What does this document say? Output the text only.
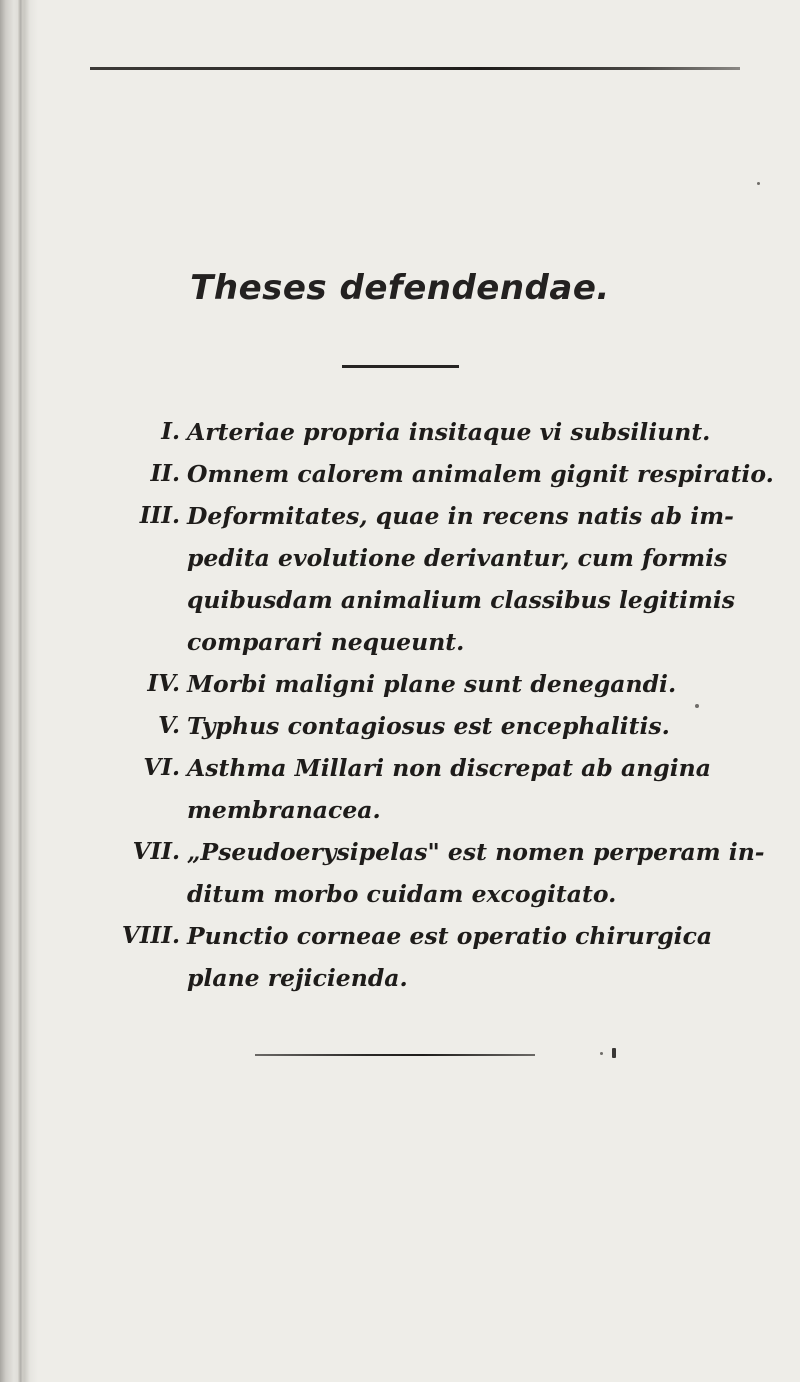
Theses defendendae.
I. Arteriae propria insitaque vi subsiliunt.
II. Omnem calorem animalem gignit respiratio.
III. Deformitates, quae in recens natis ab im-
pedita evolutione derivantur, cum formis
quibusdam animalium classibus legitimis
comparari nequeunt.
IV. Morbi maligni plane sunt denegandi.
V. Typhus contagiosus est encephalitis.
VI. Asthma Millari non discrepat ab angina
membranacea.
VII. „Pseudoerysipelas" est nomen perperam in-
ditum morbo cuidam excogitato.
VIII. Punctio corneae est operatio chirurgica
plane rejicienda.
